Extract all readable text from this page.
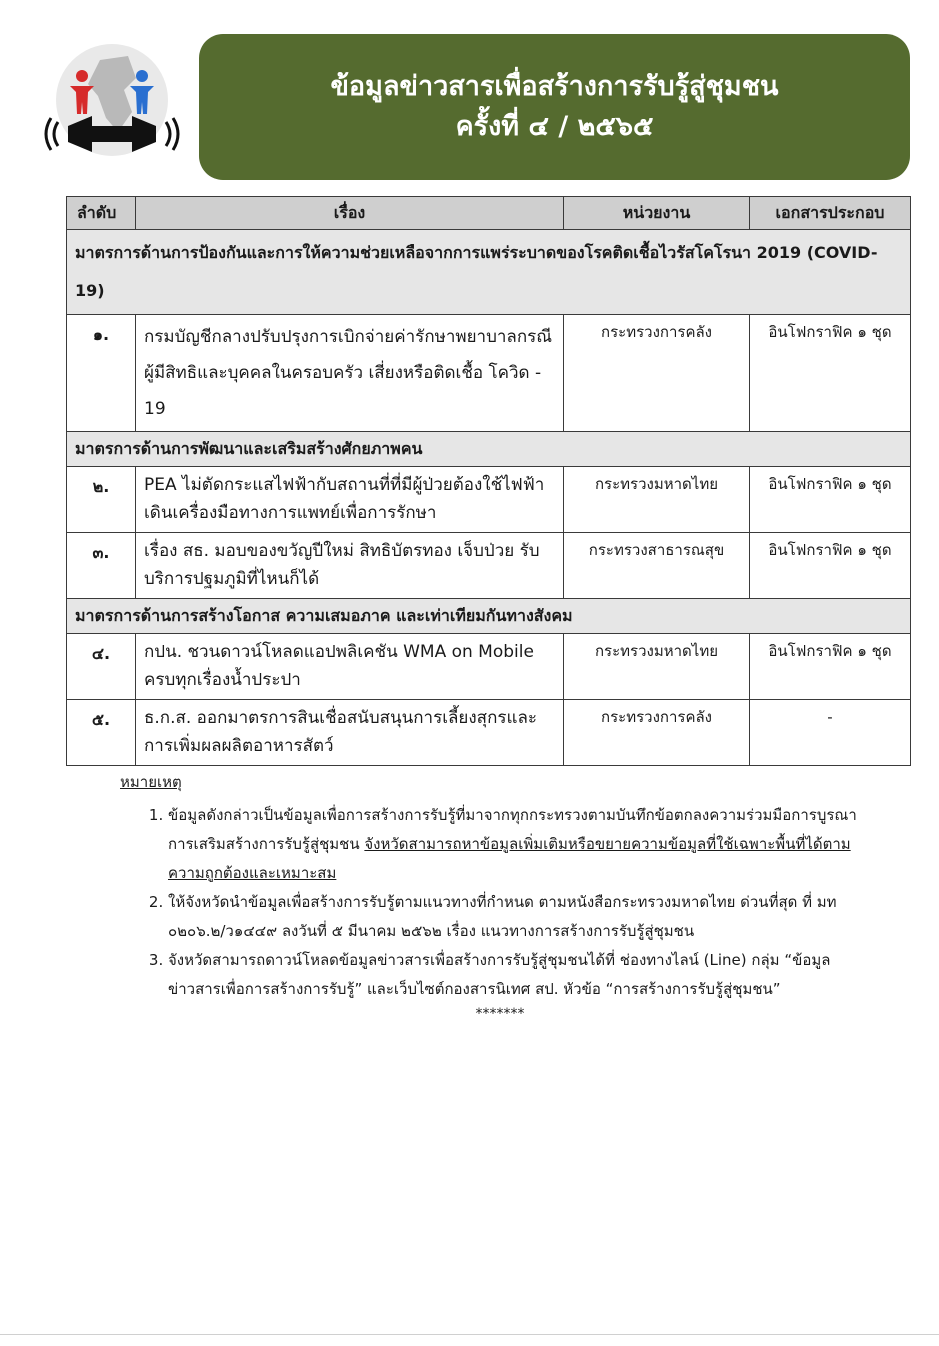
ข้อมูลข่าวสารเพื่อสร้างการรับรู้สู่ชุมชน
ครั้งที่ ๔ / ๒๕๖๕
ลำดับ	เรื่อง	หน่วยงาน	เอกสารประกอบ
มาตรการด้านการป้องกันและการให้ความช่วยเหลือจากการแพร่ระบาดของโรคติดเชื้อไวรัสโคโรนา 2019 (COVID-19)			
๑.	กรมบัญชีกลางปรับปรุงการเบิกจ่ายค่ารักษาพยาบาลกรณีผู้มีสิทธิและบุคคลในครอบครัว เสี่ยงหรือติดเชื้อ โควิด - 19	กระทรวงการคลัง	อินโฟกราฟิค ๑ ชุด
มาตรการด้านการพัฒนาและเสริมสร้างศักยภาพคน			
๒.	PEA ไม่ตัดกระแสไฟฟ้ากับสถานที่ที่มีผู้ป่วยต้องใช้ไฟฟ้าเดินเครื่องมือทางการแพทย์เพื่อการรักษา	กระทรวงมหาดไทย	อินโฟกราฟิค ๑ ชุด
๓.	เรื่อง สธ. มอบของขวัญปีใหม่ สิทธิบัตรทอง เจ็บป่วย รับบริการปฐมภูมิที่ไหนก็ได้	กระทรวงสาธารณสุข	อินโฟกราฟิค ๑ ชุด
มาตรการด้านการสร้างโอกาส ความเสมอภาค และเท่าเทียมกันทางสังคม			
๔.	กปน. ชวนดาวน์โหลดแอปพลิเคชัน WMA on Mobile ครบทุกเรื่องน้ำประปา	กระทรวงมหาดไทย	อินโฟกราฟิค ๑ ชุด
๕.	ธ.ก.ส. ออกมาตรการสินเชื่อสนับสนุนการเลี้ยงสุกรและการเพิ่มผลผลิตอาหารสัตว์	กระทรวงการคลัง	-
หมายเหตุ
1. ข้อมูลดังกล่าวเป็นข้อมูลเพื่อการสร้างการรับรู้ที่มาจากทุกกระทรวงตามบันทึกข้อตกลงความร่วมมือการบูรณาการเสริมสร้างการรับรู้สู่ชุมชน จังหวัดสามารถหาข้อมูลเพิ่มเติมหรือขยายความข้อมูลที่ใช้เฉพาะพื้นที่ได้ตามความถูกต้องและเหมาะสม
2. ให้จังหวัดนำข้อมูลเพื่อสร้างการรับรู้ตามแนวทางที่กำหนด ตามหนังสือกระทรวงมหาดไทย ด่วนที่สุด ที่ มท ๐๒๐๖.๒/ว๑๔๔๙ ลงวันที่ ๕ มีนาคม ๒๕๖๒ เรื่อง แนวทางการสร้างการรับรู้สู่ชุมชน
3. จังหวัดสามารถดาวน์โหลดข้อมูลข่าวสารเพื่อสร้างการรับรู้สู่ชุมชนได้ที่ ช่องทางไลน์ (Line) กลุ่ม “ข้อมูลข่าวสารเพื่อการสร้างการรับรู้” และเว็บไซต์กองสารนิเทศ สป. หัวข้อ “การสร้างการรับรู้สู่ชุมชน”
*******
